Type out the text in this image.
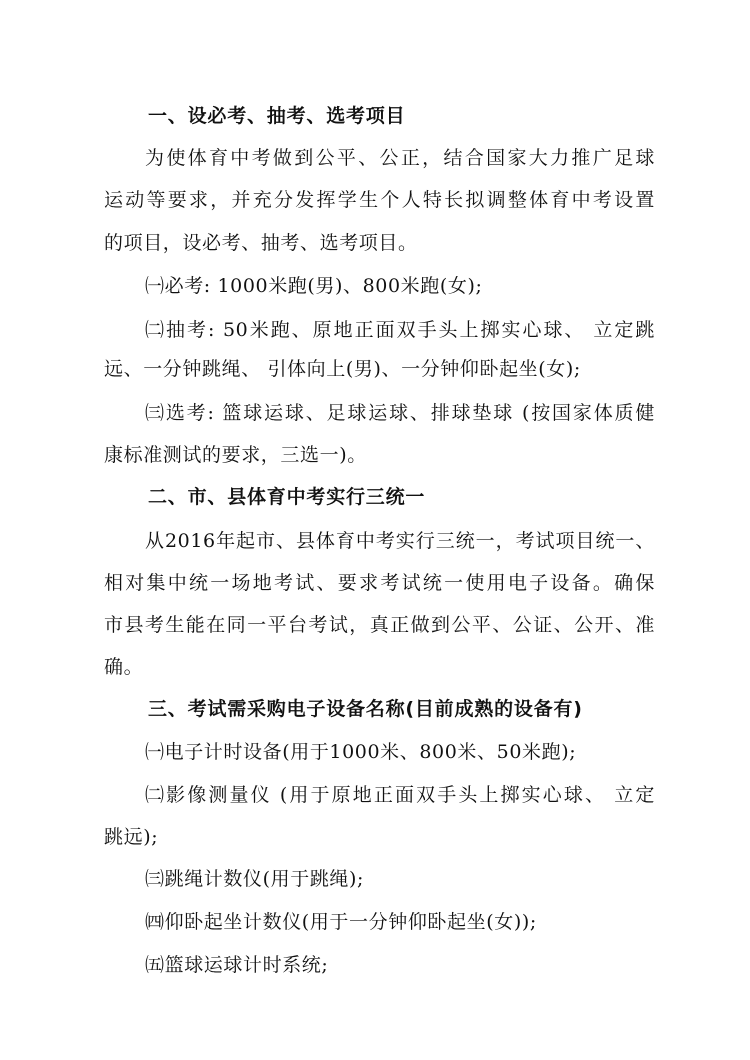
一、设必考、抽考、选考项目
为使体育中考做到公平、公正，结合国家大力推广足球
运动等要求，并充分发挥学生个人特长拟调整体育中考设置
的项目，设必考、抽考、选考项目。
㈠必考: 1000米跑(男)、800米跑(女);
㈡抽考: 50米跑、原地正面双手头上掷实心球、 立定跳
远、一分钟跳绳、 引体向上(男)、一分钟仰卧起坐(女);
㈢选考: 篮球运球、足球运球、排球垫球 (按国家体质健
康标准测试的要求，三选一)。
二、市、县体育中考实行三统一
从2016年起市、县体育中考实行三统一，考试项目统一、
相对集中统一场地考试、要求考试统一使用电子设备。确保
市县考生能在同一平台考试，真正做到公平、公证、公开、准
确。
三、考试需采购电子设备名称(目前成熟的设备有)
㈠电子计时设备(用于1000米、800米、50米跑);
㈡影像测量仪 (用于原地正面双手头上掷实心球、 立定
跳远);
㈢跳绳计数仪(用于跳绳);
㈣仰卧起坐计数仪(用于一分钟仰卧起坐(女));
㈤篮球运球计时系统;
